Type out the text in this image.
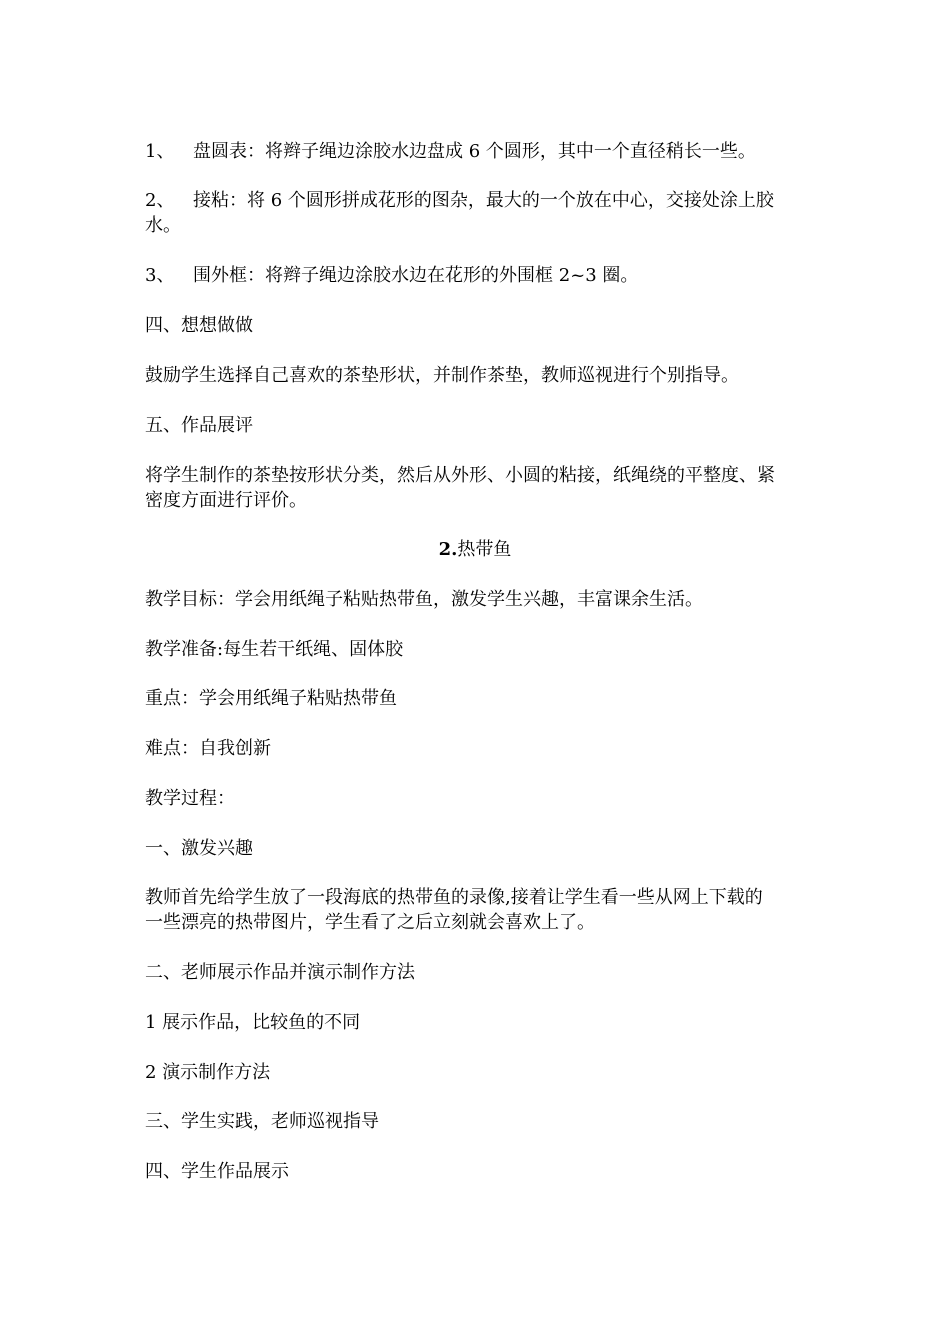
1、 盘圆表：将辫子绳边涂胶水边盘成 6 个圆形，其中一个直径稍长一些。
2、 接粘：将 6 个圆形拼成花形的图杂，最大的一个放在中心，交接处涂上胶
水。
3、 围外框：将辫子绳边涂胶水边在花形的外围框 2~3 圈。
四、想想做做
鼓励学生选择自己喜欢的茶垫形状，并制作茶垫，教师巡视进行个别指导。
五、作品展评
将学生制作的茶垫按形状分类，然后从外形、小圆的粘接，纸绳绕的平整度、紧
密度方面进行评价。
2.热带鱼
教学目标：学会用纸绳子粘贴热带鱼，激发学生兴趣，丰富课余生活。
教学准备:每生若干纸绳、固体胶
重点：学会用纸绳子粘贴热带鱼
难点：自我创新
教学过程：
一、激发兴趣
教师首先给学生放了一段海底的热带鱼的录像,接着让学生看一些从网上下载的
一些漂亮的热带图片，学生看了之后立刻就会喜欢上了。
二、老师展示作品并演示制作方法
1 展示作品，比较鱼的不同
2 演示制作方法
三、学生实践，老师巡视指导
四、学生作品展示
